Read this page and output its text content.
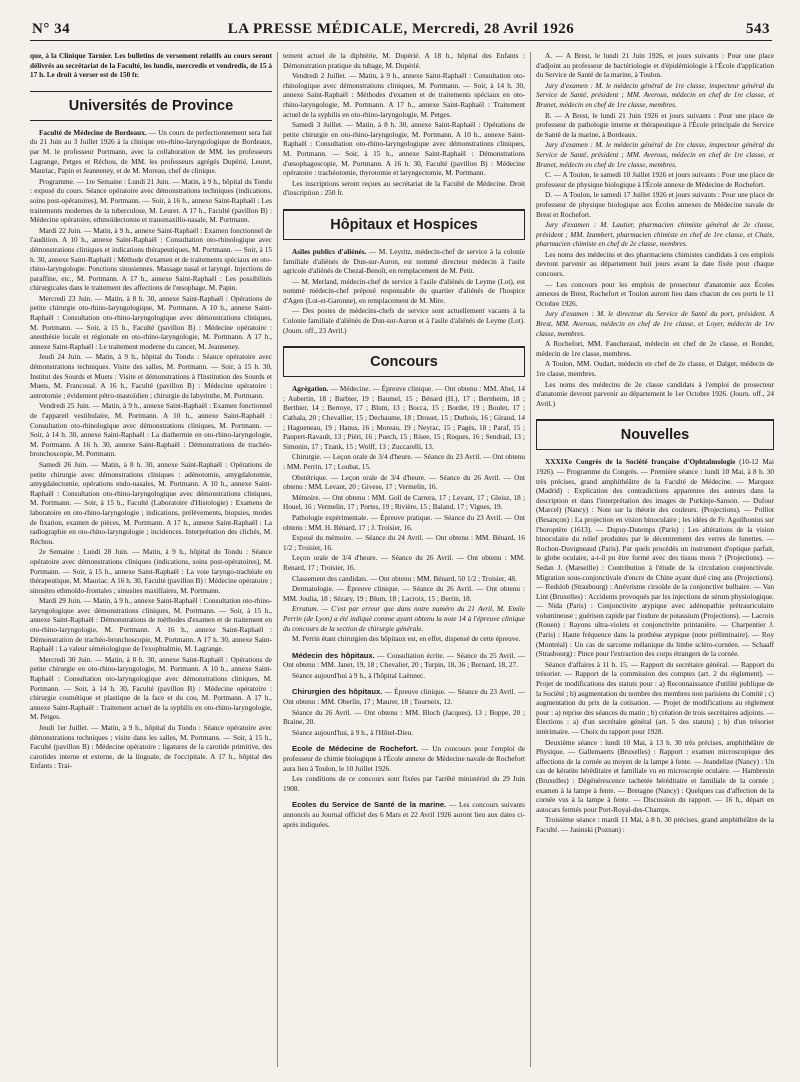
N° 34	LA PRESSE MÉDICALE, Mercredi, 28 Avril 1926	543

que, à la Clinique Tarnier. Les bulletins de versement relatifs au cours seront délivrés au secrétariat de la Faculté, les lundis, mercredis et vendredis, de 15 à 17 h. Le droit à verser est de 150 fr.

Universités de Province

Faculté de Médecine de Bordeaux. — Un cours de perfectionnement sera fait du 21 Juin au 3 Juillet 1926 à la clinique oto-rhino-laryngologique de Bordeaux, par M. le professeur Portmann, avec la collaboration de MM. les professeurs Lagrange, Petges et Réchou, de MM. les professeurs agrégés Dupérié, Leuret, Mauriac, Papin et Jeanneney, et de M. Moreau, chef de clinique.

Programme. — 1re Semaine : Lundi 21 Juin. — Matin, à 9 h., hôpital du Tondu : exposé du cours. Séance opératoire avec démonstrations techniques (indications, soins post-opératoires), M. Portmann. — Soir, à 16 h., annexe Saint-Raphaël : Les traitements modernes de la tuberculose, M. Leuret. A 17 h., Faculté (pavillon B) : Médecine opératoire, ethmoïdectomie et transmaxillo-nasale, M. Portmann.

Mardi 22 Juin. — Matin, à 9 h., annexe Saint-Raphaël : Examen fonctionnel de l'audition. A 10 h., annexe Saint-Raphaël : Consultation oto-rhinologique avec démonstrations cliniques et indications thérapeutiques, M. Portmann. — Soir, à 15 h. 30, annexe Saint-Raphaël : Méthode d'examen et de traitements spéciaux en oto-rhino-laryngologie. Ponctions sinusiennes. Massage nasal et laryngé. Injections de paraffine, etc., M. Portmann. A 17 h., annexe Saint-Raphaël : Les possibilités chirurgicales dans le traitement des affections de l'œsophage, M. Papin.

Mercredi 23 Juin. — Matin, à 8 h. 30, annexe Saint-Raphaël : Opérations de petite chirurgie oto-rhino-laryngologique, M. Portmann. A 10 h., annexe Saint-Raphaël : Consultation oto-rhino-laryngologique avec démonstrations cliniques, M. Portmann. — Soir, à 15 h., Faculté (pavillon B) : Médecine opératoire : anesthésie locale et régionale en oto-rhino-laryngologie, M. Portmann. A 17 h., annexe Saint-Raphaël : Le traitement moderne du cancer, M. Jeanneney.

Jeudi 24 Juin. — Matin, à 9 h., hôpital du Tondu : Séance opératoire avec démonstrations techniques. Visite des salles, M. Portmann. — Soir, à 15 h. 30, Institut des Sourds et Muets : Visite et démonstrations à l'Institution des Sourds et Muets, M. Francoual. A 16 h., Faculté (pavillon B) : Médecine opératoire : antrotomie ; évidement pétro-mastoïdien ; chirurgie du labyrinthe, M. Portmann.

Vendredi 25 Juin. — Matin, à 9 h., annexe Saint-Raphaël : Examen fonctionnel de l'appareil vestibulaire, M. Portmann. A 10 h., annexe Saint-Raphaël : Consultation oto-rhinologique avec démonstrations cliniques, M. Portmann. — Soir, à 14 h. 30, annexe Saint-Raphaël : La diathermie en oto-rhino-laryngologie, M. Portmann. A 16 h. 30, annexe Saint-Raphaël : Démonstrations de trachéo-bronchoscopie, M. Portmann.

Samedi 26 Juin. — Matin, à 8 h. 30, annexe Saint-Raphaël : Opérations de petite chirurgie avec démonstrations cliniques : adénotomie, amygdalotomie, amygdalectomie, opérations endo-nasales, M. Portmann. A 10 h., annexe Saint-Raphaël : Consultation oto-rhino-laryngologique avec démonstrations cliniques, M. Portmann. — Soir, à 15 h., Faculté (Laboratoire d'Histologie) : Examens de laboratoire en oto-rhino-laryngologie ; indications, prélèvements, biopsies, modes de fixation, examen de pièces, M. Portmann. A 17 h., annexe Saint-Raphaël : La radiographie en oto-rhino-laryngologie ; incidences. Interprétation des clichés, M. Réchou.

2e Semaine : Lundi 28 Juin. — Matin, à 9 h., hôpital du Tondu : Séance opératoire avec démonstrations cliniques (indications, soins post-opératoires), M. Portmann. — Soir, à 15 h., annexe Saint-Raphaël : La voie laryngo-trachéale en thérapeutique, M. Mauriac. A 16 h. 30, Faculté (pavillon B) : Médecine opératoire ; sinusites ethmoïdo-frontales ; sinusites maxillaires, M. Portmann.

Mardi 29 Juin. — Matin, à 9 h., annexe Saint-Raphaël : Consultation oto-rhino-laryngologique avec démonstrations cliniques, M. Portmann. — Soir, à 15 h., annexe Saint-Raphaël : Démonstrations de méthodes d'examen et de traitement en oto-rhino-laryngologie, M. Portmann. A 16 h., annexe Saint-Raphaël : Démonstration de trachéo-bronchoscopie, M. Portmann. A 17 h. 30, annexe Saint-Raphaël : La valeur séméiologique de l'exophtalmie, M. Lagrange.

Mercredi 30 Juin. — Matin, à 8 h. 30, annexe Saint-Raphaël : Opérations de petite chirurgie en oto-rhino-laryngologie, M. Portmann. A 10 h., annexe Saint-Raphaël : Consultation oto-laryngologique avec démonstrations cliniques, M. Portmann. — Soir, à 14 h. 30, Faculté (pavillon B) : Médecine opératoire : chirurgie cosmétique et plastique de la face et du cou, M. Portmann. A 17 h., annexe Saint-Raphaël : Traitement actuel de la syphilis en oto-rhino-laryngologie, M. Petges.

Jeudi 1er Juillet. — Matin, à 9 h., hôpital du Tondu : Séance opératoire avec démonstrations techniques ; visite dans les salles, M. Portmann. — Soir, à 15 h., Faculté (pavillon B) : Médecine opératoire : ligatures de la carotide primitive, des carotides interne et externe, de la linguale, de l'occipitale. A 17 h., hôpital des Enfants : Trai-

tement actuel de la diphtérie, M. Dupérié. A 18 h., hôpital des Enfants : Démonstration pratique du tubage, M. Dupérié.

Vendredi 2 Juillet. — Matin, à 9 h., annexe Saint-Raphaël : Consultation oto-rhinologique avec démonstrations cliniques, M. Portmann. — Soir, à 14 h. 30, annexe Saint-Raphaël : Méthodes d'examen et de traitements spéciaux en oto-rhino-laryngologie, M. Portmann. A 17 h., annexe Saint-Raphaël : Traitement actuel de la syphilis en oto-rhino-laryngologie, M. Petges.

Samedi 3 Juillet. — Matin, à 8 h. 30, annexe Saint-Raphaël : Opérations de petite chirurgie en oto-rhino-laryngologie, M. Portmann. A 10 h., annexe Saint-Raphaël : Consultation oto-rhino-laryngologique avec démonstrations cliniques, M. Portmann. — Soir, à 15 h., annexe Saint-Raphaël : Démonstrations d'œsophagoscopie, M. Portmann. A 16 h. 30, Faculté (pavillon B) : Médecine opératoire : trachéotomie, thyrotomie et laryngectomie, M. Portmann.

Les inscriptions seront reçues au secrétariat de la Faculté de Médecine. Droit d'inscription : 250 fr.

Hôpitaux et Hospices

Asiles publics d'aliénés. — M. Leyritz, médecin-chef de service à la colonie familiale d'aliénés de Dun-sur-Auron, est nommé directeur médecin à l'asile agricole d'aliénés de Chezal-Benoît, en remplacement de M. Petit.

— M. Merland, médecin-chef de service à l'asile d'aliénés de Leyme (Lot), est nommé médecin-chef préposé responsable du quartier d'aliénés de l'hospice d'Agen (Lot-et-Garonne), en remplacement de M. Mire.

— Des postes de médecins-chefs de service sont actuellement vacants à la Colonie familiale d'aliénés de Dun-sur-Auron et à l'asile d'aliénés de Leyme (Lot). (Journ. off., 23 Avril.)

Concours

Agrégation. — Médecine. — Épreuve clinique. — Ont obtenu : MM. Abel, 14 ; Aubertin, 18 ; Barbier, 19 ; Baumel, 15 ; Bénard (H.), 17 ; Bernheim, 18 ; Berthier, 14 ; Bertoye, 17 ; Blum, 13 ; Bocca, 15 ; Bordet, 19 ; Boulet, 17 ; Cathala, 20 ; Chevallier, 15 ; Dechaume, 18 ; Drouet, 15 ; Duthois, 16 ; Giraud, 14 ; Hagueneau, 19 ; Hanus, 16 ; Moreau, 19 ; Neyrac, 15 ; Pagès, 18 ; Paraf, 15 ; Paupert-Ravault, 13 ; Piéri, 16 ; Puech, 15 ; Risee, 15 ; Roques, 16 ; Sendrail, 13 ; Simonin, 17 ; Tzank, 15 ; Wolff, 13 ; Zuccarelli, 13.

Chirurgie. — Leçon orale de 3/4 d'heure. — Séance du 23 Avril. — Ont obtenu : MM. Perrin, 17 ; Loubat, 15.

Obstétrique. — Leçon orale de 3/4 d'heure. — Séance du 26 Avril. — Ont obtenu : MM. Levant, 20 ; Givese, 17 ; Vermelin, 16.

Mémoire. — Ont obtenu : MM. Goll de Carrera, 17 ; Levant, 17 ; Gleisz, 18 ; Houel, 16 ; Vermelin, 17 ; Portes, 19 ; Rivière, 15 ; Baland, 17 ; Vignes, 19.

Pathologie expérimentale. — Épreuve pratique. — Séance du 23 Avril. — Ont obtenu : MM. H. Bénard, 17 ; J. Troisier, 16.

Exposé du mémoire. — Séance du 24 Avril. — Ont obtenu : MM. Bénard, 16 1/2 ; Troisier, 16.

Leçon orale de 3/4 d'heure. — Séance du 26 Avril. — Ont obtenu : MM. Renard, 17 ; Troisier, 16.

Classement des candidats. — Ont obtenu : MM. Bénard, 50 1/2 ; Troisier, 48.

Dermatologie. — Épreuve clinique. — Séance du 26 Avril. — Ont obtenu : MM. Joulia, 18 ; Sézary, 19 ; Blum, 18 ; Lacroix, 15 ; Bertin, 18.

Erratum. — C'est par erreur que dans notre numéro du 21 Avril, M. Emile Perrin (de Lyon) a été indiqué comme ayant obtenu la note 14 à l'épreuve clinique du concours de la section de chirurgie générale.

M. Perrin étant chirurgien des hôpitaux est, en effet, dispensé de cette épreuve.

Médecin des hôpitaux. — Consultation écrite. — Séance du 25 Avril. — Ont obtenu : MM. Janet, 19, 18 ; Chevalier, 20 ; Turpin, 18, 36 ; Bernard, 18, 27.

Séance aujourd'hui à 9 h., à l'hôpital Laënnec.

Chirurgien des hôpitaux. — Épreuve clinique. — Séance du 23 Avril. — Ont obtenu : MM. Oberlin, 17 ; Maurer, 18 ; Tourneix, 12.

Séance du 26 Avril. — Ont obtenu : MM. Bloch (Jacques), 13 ; Boppe, 20 ; Braine, 20.

Séance aujourd'hui, à 9 h., à l'Hôtel-Dieu.

Ecole de Médecine de Rochefort. — Un concours pour l'emploi de professeur de chimie biologique à l'École annexe de Médecine navale de Rochefort aura lieu à Toulon, le 10 Juillet 1926.

Les conditions de ce concours sont fixées par l'arrêté ministériel du 29 Juin 1908.

Ecoles du Service de Santé de la marine. — Les concours suivants annoncés au Journal officiel des 6 Mars et 22 Avril 1926 auront lieu aux dates ci-après indiquées.

A. — A Brest, le lundi 21 Juin 1926, et jours suivants : Pour une place d'adjoint au professeur de bactériologie et d'épidémiologie à l'École d'application du Service de Santé de la marine, à Toulon.

Jury d'examen : M. le médecin général de 1re classe, inspecteur général du Service de Santé, président ; MM. Averous, médecin en chef de 1re classe, et Brunet, médecin en chef de 1re classe, membres.

B. — A Brest, le lundi 21 Juin 1926 et jours suivants : Pour une place de professeur de pathologie interne et thérapeutique à l'École principale du Service de Santé de la marine, à Bordeaux.

Jury d'examen : M. le médecin général de 1re classe, inspecteur général du Service de Santé, président ; MM. Averous, médecin en chef de 1re classe, et Brunet, médecin en chef de 1re classe, membres.

C. — A Toulon, le samedi 10 Juillet 1926 et jours suivants : Pour une place de professeur de physique biologique à l'École annexe de Médecine de Rochefort.

D. — A Toulon, le samedi 17 Juillet 1926 et jours suivants : Pour une place de professeur de physique biologique aux Écoles annexes de Médecine navale de Brest et Rochefort.

Jury d'examen : M. Lautier, pharmacien chimiste général de 2e classe, président ; MM. Izambert, pharmacien chimiste en chef de 1re classe, et Chaix, pharmacien chimiste en chef de 2e classe, membres.

Les noms des médecins et des pharmaciens chimistes candidats à ces emplois devront parvenir au département huit jours avant la date fixée pour chaque concours.

— Les concours pour les emplois de prosecteur d'anatomie aux Écoles annexes de Brest, Rochefort et Toulon auront lieu dans chacun de ces ports le 11 Octobre 1926.

Jury d'examen : M. le directeur du Service de Santé du port, président. A Brest, MM. Averous, médecin en chef de 1re classe, et Loyer, médecin de 1re classe, membres.

A Rochefort, MM. Faucheraud, médecin en chef de 2e classe, et Rondet, médecin de 1re classe, membres.

A Toulon, MM. Oudart, médecin en chef de 2e classe, et Dalger, médecin de 1re classe, membres.

Les noms des médecins de 2e classe candidats à l'emploi de prosecteur d'anatomie devront parvenir au département le 1er Octobre 1926. (Journ. off., 24 Avril.)

Nouvelles

XXXIXe Congrès de la Société française d'Ophtalmologie (10-12 Mai 1926). — Programme du Congrès. — Première séance : lundi 10 Mai, à 8 h. 30 très précises, grand amphithéâtre de la Faculté de Médecine. — Marquez (Madrid) : Explication des contradictions apparentes des auteurs dans la description et dans l'interprétation des images de Purkinje-Sanson. — Dufour (Marcel) (Nancy) : Note sur la théorie des couleurs. (Projections). — Polliot (Besançon) : La projection en vision binoculaire ; les idées de Fr. Aguilhonius sur l'horoptère (1613). — Dupuy-Dutemps (Paris) : Les altérations de la vision binoculaire du relief produites par le décentrement des verres de lunettes. — Rochon-Duvigneaud (Paris). Par quels procédés un instrument d'optique parfait, le globe oculaire, a-t-il pu être formé avec des tissus mous ? (Projections). — Sedan J. (Marseille) : Contribution à l'étude de la circulation conjonctivale. Migration sous-conjonctivale d'encre de Chine ayant duré cinq ans (Projections). — Redslob (Strasbourg) : Anévrisme cirsoïde de la conjonctive bulbaire. — Van Lint (Bruxelles) : Accidents provoqués par les injections de sérum physiologique. — Nida (Paris) : Conjonctivite atypique avec adénopathie prétrauriculaire volumineuse ; guérison rapide par l'iodure de potassium (Projections). — Lacroix (Rouen) : Rayons ultra-violets et conjonctivite printanière. — Charpentier J. (Paris) : Haute fréquence dans la prothèse atypique (note préliminaire). — Roy (Montréal) : Un cas de sarcome mélanique du limbe scléro-cornéen. — Schaaff (Strasbourg) : Pince pour l'extraction des corps étrangers de la cornée.

Séance d'affaires à 11 h. 15. — Rapport du secrétaire général. — Rapport du trésorier. — Rapport de la commission des comptes (art. 2 du règlement). — Projet de modifications des statuts pour : a) Reconnaissance d'utilité publique de la Société ; b) augmentation du nombre des membres non parisiens du Comité ; c) augmentation du prix de la cotisation. — Projet de modifications au règlement pour : a) reprise des séances du matin ; b) création de trois secrétaires adjoints. — Élections : a) d'un secrétaire général (art. 5 des statuts) ; b) d'un trésorier intérimaire. — Choix du rapport pour 1928.

Deuxième séance : lundi 10 Mai, à 13 h. 30 très précises, amphithéâtre de Physique. — Gallemaerts (Bruxelles) : Rapport : examen microscopique des affections de la cornée au moyen de la lampe à fente. — Jeandelize (Nancy) : Un cas de kératite héréditaire et familiale vu en microscopie oculaire. — Hambresin (Bruxelles) : Dégénérescence tachetée héréditaire et familiale de la cornée ; examen à la lampe à fente. — Bretagne (Nancy) : Quelques cas d'affection de la cornée vus à la lampe à fente. — Discussion du rapport. — 16 h., départ en autocars fermés pour Port-Royal-des-Champs.

Troisième séance : mardi 11 Mai, à 8 h. 30 précises, grand amphithéâtre de la Faculté. — Jasinski (Poznan) :
